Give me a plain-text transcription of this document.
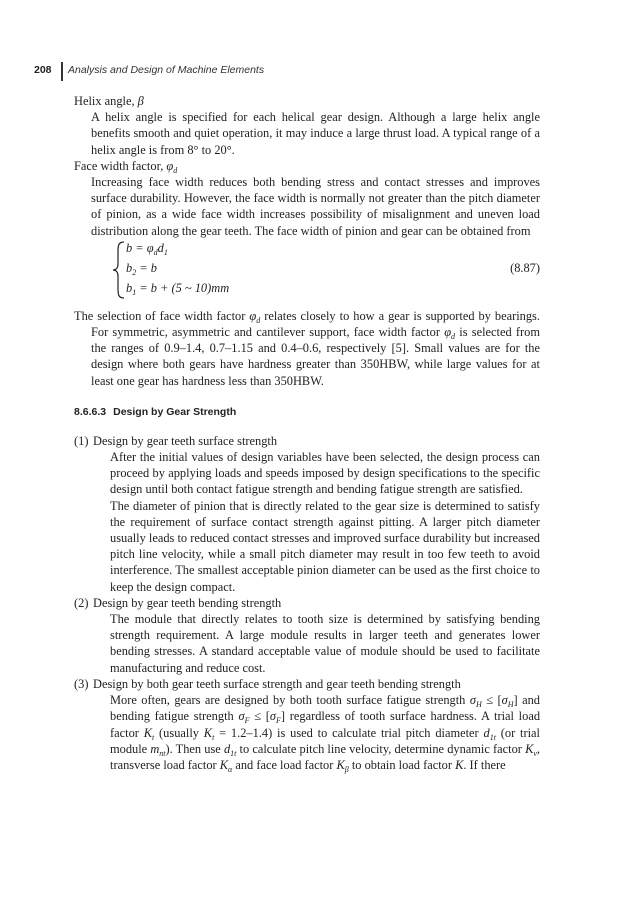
208 Analysis and Design of Machine Elements
Helix angle, β

A helix angle is specified for each helical gear design. Although a large helix angle benefits smooth and quiet operation, it may induce a large thrust load. A typical range of a helix angle is from 8° to 20°.

Face width factor, $\varphi_d$

Increasing face width reduces both bending stress and contact stresses and improves surface durability. However, the face width is normally not greater than the pitch diameter of pinion, as a wide face width increases possibility of misalignment and uneven load distribution along the gear teeth. The face width of pinion and gear can be obtained from

$b = \varphi_dd_1$
$b_2 = b$
$b_1 = b + (5$ ~ 10)mm
(8.87)

The selection of face width factor $\varphi_d$ relates closely to how a gear is supported by bearings. For symmetric, asymmetric and cantilever support, face width factor $\varphi_d$ is selected from the ranges of 0.9–1.4, 0.7–1.15 and 0.4–0.6, respectively [5]. Small values are for the design where both gears have hardness greater than 350HBW, while large values for at least one gear has hardness less than 350HBW.

8.6.6.3 Design by Gear Strength
(1) Design by gear teeth surface strength

After the initial values of design variables have been selected, the design process can proceed by applying loads and speeds imposed by design specifications to the specific design until both contact fatigue strength and bending fatigue strength are satisfied.

The diameter of pinion that is directly related to the gear size is determined to satisfy the requirement of surface contact strength against pitting. A larger pitch diameter usually leads to reduced contact stresses and improved surface durability but increased pitch line velocity, while a small pitch diameter may result in too few teeth to avoid interference. The smallest acceptable pinion diameter can be used as the first choice to keep the design compact.

(2) Design by gear teeth bending strength

The module that directly relates to tooth size is determined by satisfying bending strength requirement. A large module results in larger teeth and generates lower bending stresses. A standard acceptable value of module should be used to facilitate manufacturing and reduce cost.

(3) Design by both gear teeth surface strength and gear teeth bending strength

More often, gears are designed by both tooth surface fatigue strength $\sigma_H \le [\sigma_H]$ and bending fatigue strength $\sigma_F \le [\sigma_F]$ regardless of tooth surface hardness. A trial load factor $K_t$ (usually $K_t = 1.2-1.4$) is used to calculate trial pitch diameter $d_{1t}$ (or trial module $m_{nt}$). Then use $d_{1t}$ to calculate pitch line velocity, determine dynamic factor $K_v$, transverse load factor $K_\alpha$ and face load factor $K_\beta$ to obtain load factor K. If there
